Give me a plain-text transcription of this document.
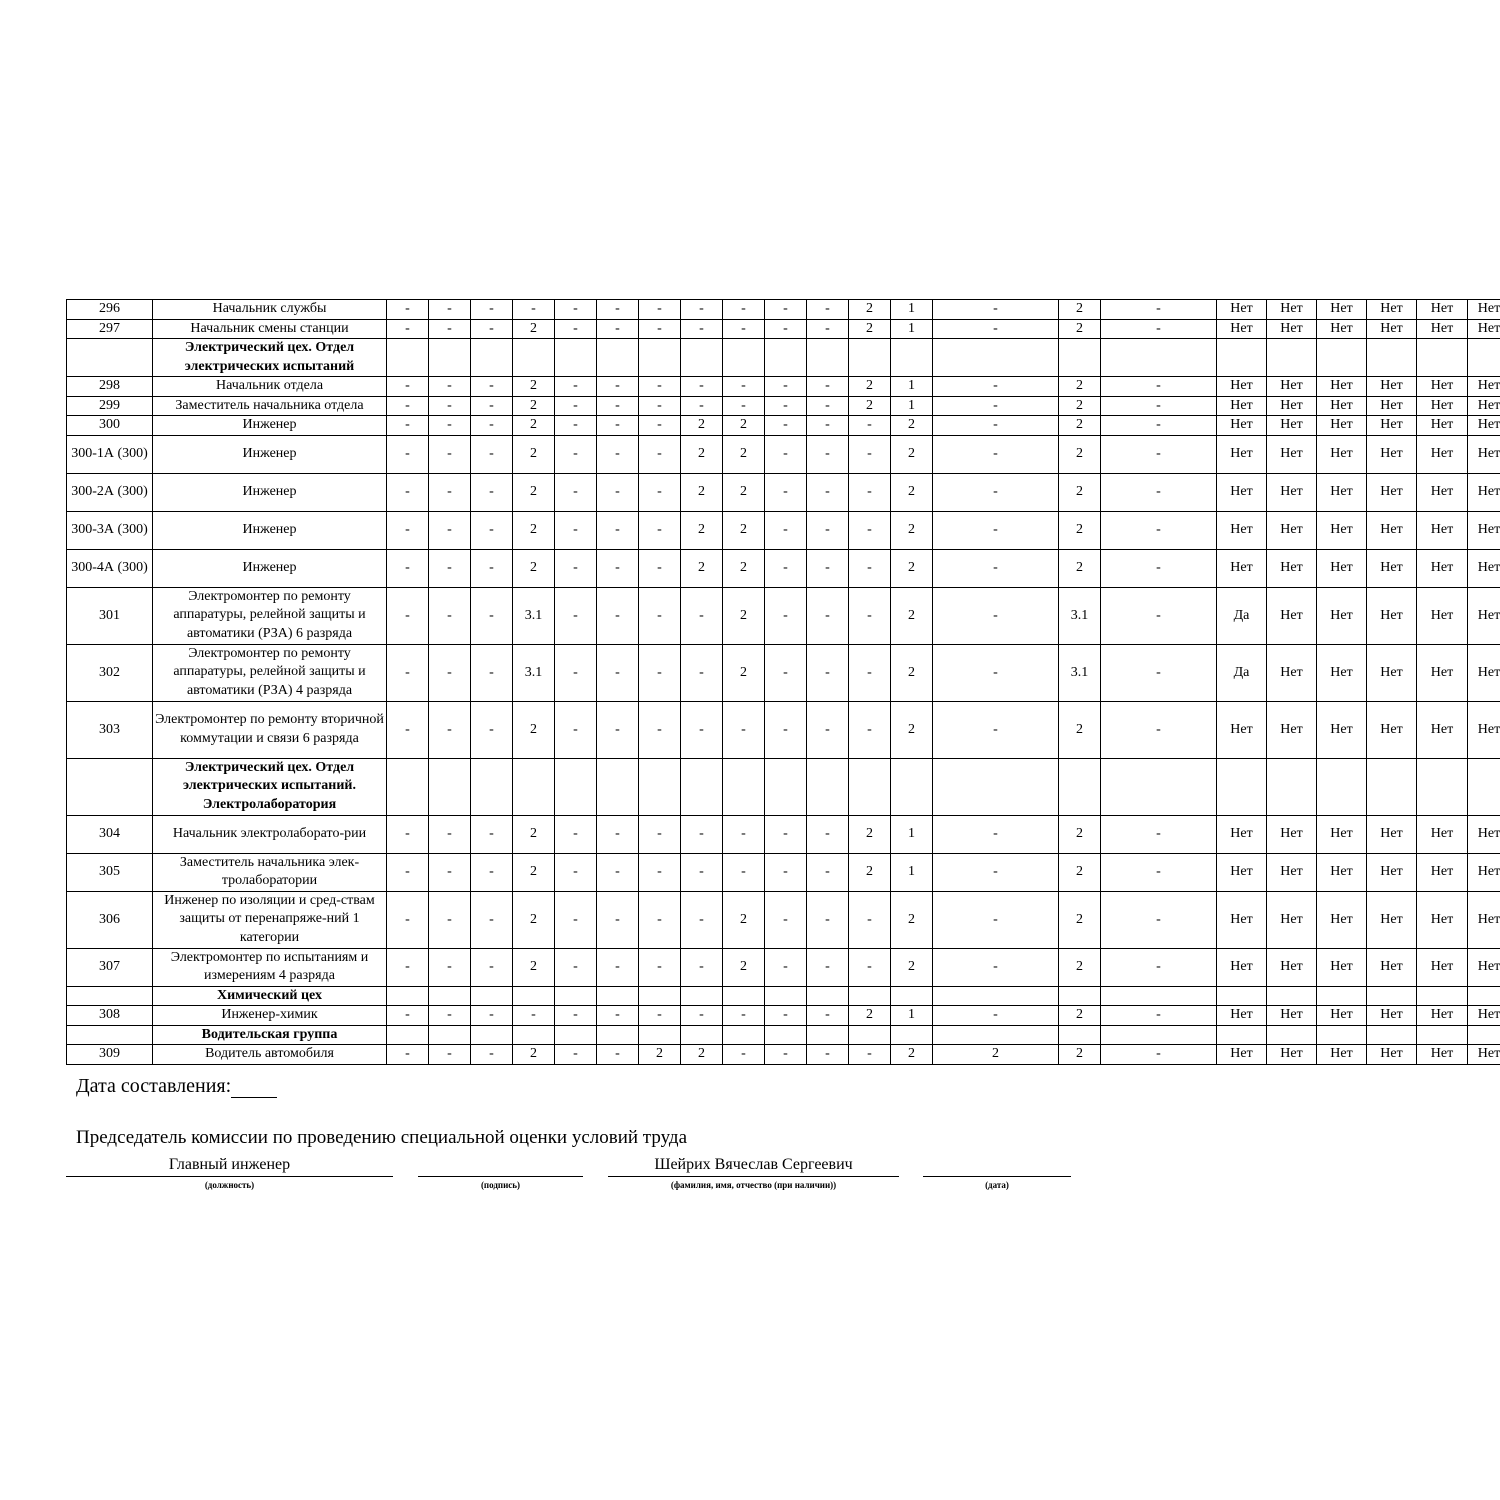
296	Начальник службы	-	-	-	-	-	-	-	-	-	-	-	2	1	-	2	-	Нет	Нет	Нет	Нет	Нет	Нет
297	Начальник смены станции	-	-	-	2	-	-	-	-	-	-	-	2	1	-	2	-	Нет	Нет	Нет	Нет	Нет	Нет
	Электрический цех. Отдел электрических испытаний																						
298	Начальник отдела	-	-	-	2	-	-	-	-	-	-	-	2	1	-	2	-	Нет	Нет	Нет	Нет	Нет	Нет
299	Заместитель начальника отдела	-	-	-	2	-	-	-	-	-	-	-	2	1	-	2	-	Нет	Нет	Нет	Нет	Нет	Нет
300	Инженер	-	-	-	2	-	-	-	2	2	-	-	-	2	-	2	-	Нет	Нет	Нет	Нет	Нет	Нет
300-1А (300)	Инженер	-	-	-	2	-	-	-	2	2	-	-	-	2	-	2	-	Нет	Нет	Нет	Нет	Нет	Нет
300-2А (300)	Инженер	-	-	-	2	-	-	-	2	2	-	-	-	2	-	2	-	Нет	Нет	Нет	Нет	Нет	Нет
300-3А (300)	Инженер	-	-	-	2	-	-	-	2	2	-	-	-	2	-	2	-	Нет	Нет	Нет	Нет	Нет	Нет
300-4А (300)	Инженер	-	-	-	2	-	-	-	2	2	-	-	-	2	-	2	-	Нет	Нет	Нет	Нет	Нет	Нет
301	Электромонтер по ремонту аппаратуры, релейной защиты и автоматики (РЗА) 6 разряда	-	-	-	3.1	-	-	-	-	2	-	-	-	2	-	3.1	-	Да	Нет	Нет	Нет	Нет	Нет
302	Электромонтер по ремонту аппаратуры, релейной защиты и автоматики (РЗА) 4 разряда	-	-	-	3.1	-	-	-	-	2	-	-	-	2	-	3.1	-	Да	Нет	Нет	Нет	Нет	Нет
303	Электромонтер по ремонту вторичной коммутации и связи 6 разряда	-	-	-	2	-	-	-	-	-	-	-	-	2	-	2	-	Нет	Нет	Нет	Нет	Нет	Нет
	Электрический цех. Отдел электрических испытаний. Электролаборатория																						
304	Начальник электролаборато-рии	-	-	-	2	-	-	-	-	-	-	-	2	1	-	2	-	Нет	Нет	Нет	Нет	Нет	Нет
305	Заместитель начальника элек-тролаборатории	-	-	-	2	-	-	-	-	-	-	-	2	1	-	2	-	Нет	Нет	Нет	Нет	Нет	Нет
306	Инженер по изоляции и сред-ствам защиты от перенапряже-ний 1 категории	-	-	-	2	-	-	-	-	2	-	-	-	2	-	2	-	Нет	Нет	Нет	Нет	Нет	Нет
307	Электромонтер по испытаниям и измерениям 4 разряда	-	-	-	2	-	-	-	-	2	-	-	-	2	-	2	-	Нет	Нет	Нет	Нет	Нет	Нет
	Химический цех																						
308	Инженер-химик	-	-	-	-	-	-	-	-	-	-	-	2	1	-	2	-	Нет	Нет	Нет	Нет	Нет	Нет
	Водительская группа																						
309	Водитель автомобиля	-	-	-	2	-	-	2	2	-	-	-	-	2	2	2	-	Нет	Нет	Нет	Нет	Нет	Нет
Дата составления:
Председатель комиссии по проведению специальной оценки условий труда
Главный инженер	Шейрих Вячеслав Сергеевич
(должность)	(подпись)	(фамилия, имя, отчество (при наличии))	(дата)
